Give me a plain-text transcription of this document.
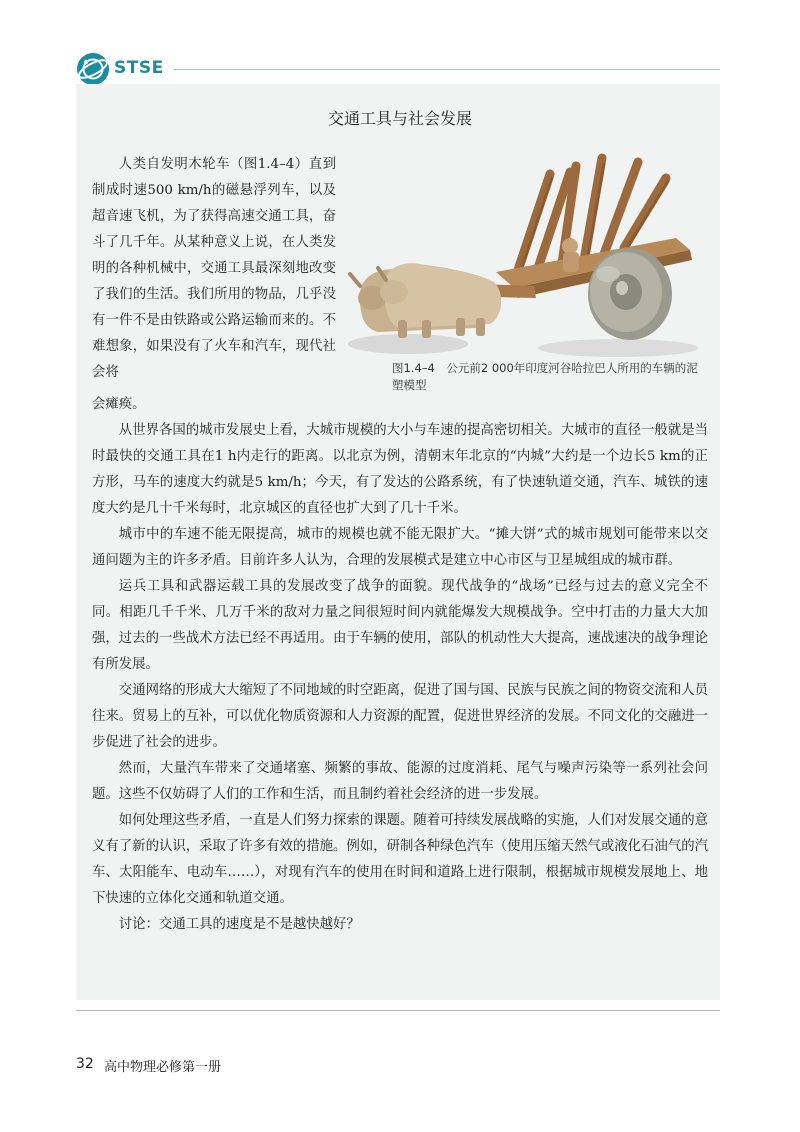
STSE
交通工具与社会发展

人类自发明木轮车（图1.4–4）直到制成时速500 km/h的磁悬浮列车，以及超音速飞机，为了获得高速交通工具，奋斗了几千年。从某种意义上说，在人类发明的各种机械中，交通工具最深刻地改变了我们的生活。我们所用的物品，几乎没有一件不是由铁路或公路运输而来的。不难想象，如果没有了火车和汽车，现代社会将	图1.4–4　公元前2 000年印度河谷哈拉巴人所用的车辆的泥塑模型

会瘫痪。

从世界各国的城市发展史上看，大城市规模的大小与车速的提高密切相关。大城市的直径一般就是当时最快的交通工具在1 h内走行的距离。以北京为例，清朝末年北京的“内城”大约是一个边长5 km的正方形，马车的速度大约就是5 km/h；今天，有了发达的公路系统，有了快速轨道交通，汽车、城铁的速度大约是几十千米每时，北京城区的直径也扩大到了几十千米。

城市中的车速不能无限提高，城市的规模也就不能无限扩大。“摊大饼”式的城市规划可能带来以交通问题为主的许多矛盾。目前许多人认为，合理的发展模式是建立中心市区与卫星城组成的城市群。

运兵工具和武器运载工具的发展改变了战争的面貌。现代战争的“战场”已经与过去的意义完全不同。相距几千千米、几万千米的敌对力量之间很短时间内就能爆发大规模战争。空中打击的力量大大加强，过去的一些战术方法已经不再适用。由于车辆的使用，部队的机动性大大提高，速战速决的战争理论有所发展。

交通网络的形成大大缩短了不同地域的时空距离，促进了国与国、民族与民族之间的物资交流和人员往来。贸易上的互补，可以优化物质资源和人力资源的配置，促进世界经济的发展。不同文化的交融进一步促进了社会的进步。

然而，大量汽车带来了交通堵塞、频繁的事故、能源的过度消耗、尾气与噪声污染等一系列社会问题。这些不仅妨碍了人们的工作和生活，而且制约着社会经济的进一步发展。

如何处理这些矛盾，一直是人们努力探索的课题。随着可持续发展战略的实施，人们对发展交通的意义有了新的认识，采取了许多有效的措施。例如，研制各种绿色汽车（使用压缩天然气或液化石油气的汽车、太阳能车、电动车……），对现有汽车的使用在时间和道路上进行限制，根据城市规模发展地上、地下快速的立体化交通和轨道交通。

讨论：交通工具的速度是不是越快越好？

32 高中物理必修第一册
